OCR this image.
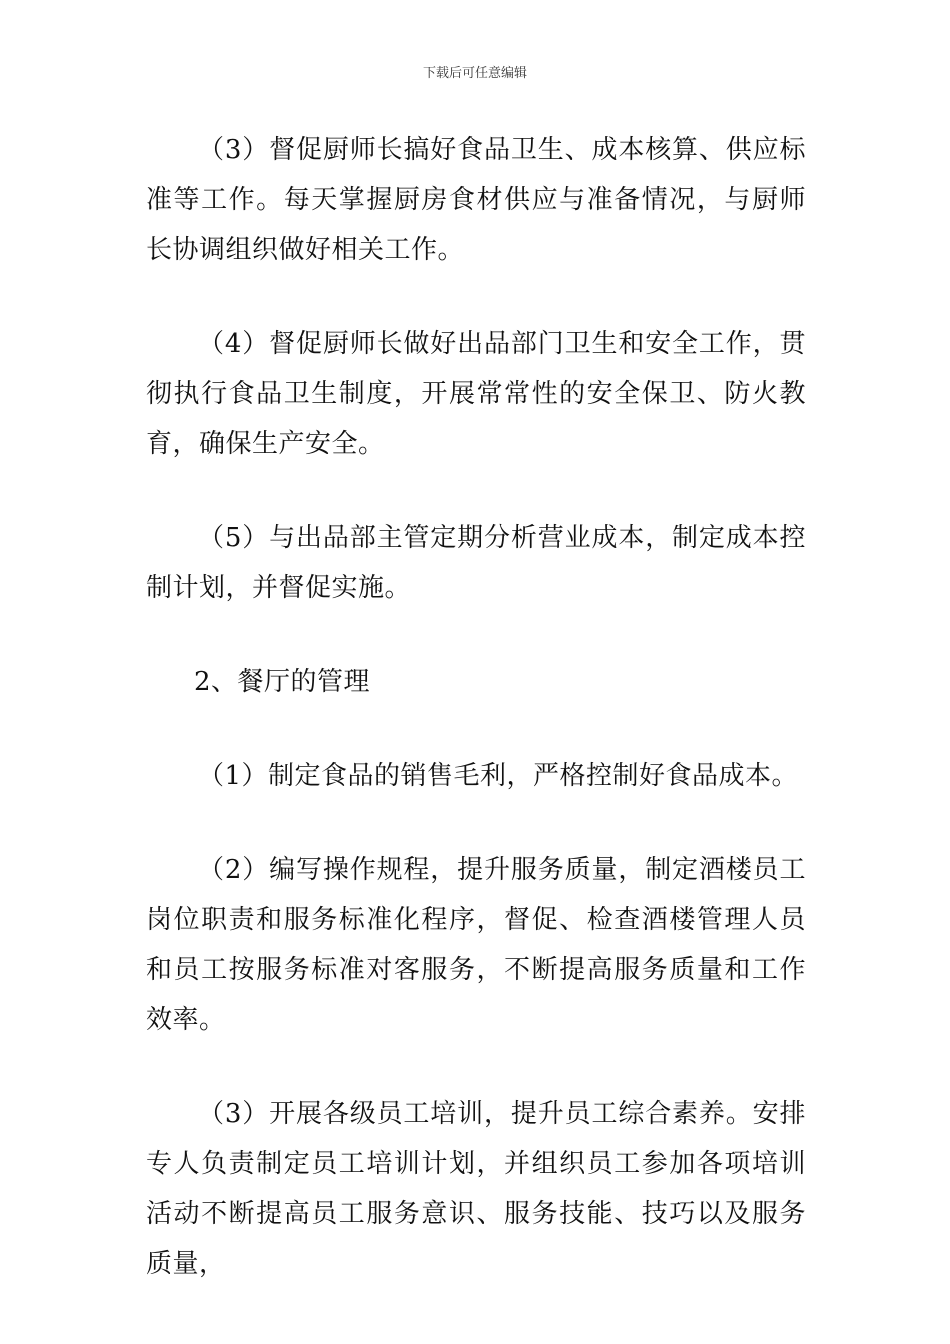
下载后可任意编辑

（3）督促厨师长搞好食品卫生、成本核算、供应标准等工作。每天掌握厨房食材供应与准备情况，与厨师长协调组织做好相关工作。

（4）督促厨师长做好出品部门卫生和安全工作，贯彻执行食品卫生制度，开展常常性的安全保卫、防火教育，确保生产安全。

（5）与出品部主管定期分析营业成本，制定成本控制计划，并督促实施。

2、餐厅的管理

（1）制定食品的销售毛利，严格控制好食品成本。

（2）编写操作规程，提升服务质量，制定酒楼员工岗位职责和服务标准化程序，督促、检查酒楼管理人员和员工按服务标准对客服务，不断提高服务质量和工作效率。

（3）开展各级员工培训，提升员工综合素养。安排专人负责制定员工培训计划，并组织员工参加各项培训活动不断提高员工服务意识、服务技能、技巧以及服务质量，
